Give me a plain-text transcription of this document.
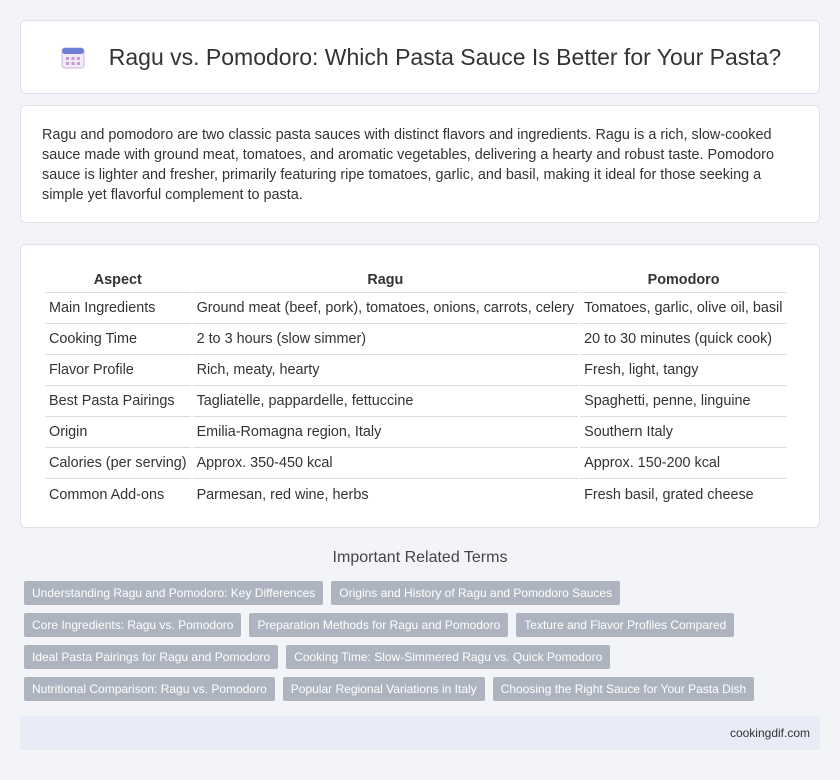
Ragu vs. Pomodoro: Which Pasta Sauce Is Better for Your Pasta?

Ragu and pomodoro are two classic pasta sauces with distinct flavors and ingredients. Ragu is a rich, slow-cooked sauce made with ground meat, tomatoes, and aromatic vegetables, delivering a hearty and robust taste. Pomodoro sauce is lighter and fresher, primarily featuring ripe tomatoes, garlic, and basil, making it ideal for those seeking a simple yet flavorful complement to pasta.

Aspect	Ragu	Pomodoro
Main Ingredients	Ground meat (beef, pork), tomatoes, onions, carrots, celery	Tomatoes, garlic, olive oil, basil
Cooking Time	2 to 3 hours (slow simmer)	20 to 30 minutes (quick cook)
Flavor Profile	Rich, meaty, hearty	Fresh, light, tangy
Best Pasta Pairings	Tagliatelle, pappardelle, fettuccine	Spaghetti, penne, linguine
Origin	Emilia-Romagna region, Italy	Southern Italy
Calories (per serving)	Approx. 350-450 kcal	Approx. 150-200 kcal
Common Add-ons	Parmesan, red wine, herbs	Fresh basil, grated cheese
Important Related Terms
Understanding Ragu and Pomodoro: Key Differences	Origins and History of Ragu and Pomodoro Sauces
Core Ingredients: Ragu vs. Pomodoro	Preparation Methods for Ragu and Pomodoro	Texture and Flavor Profiles Compared
Ideal Pasta Pairings for Ragu and Pomodoro	Cooking Time: Slow-Simmered Ragu vs. Quick Pomodoro
Nutritional Comparison: Ragu vs. Pomodoro	Popular Regional Variations in Italy	Choosing the Right Sauce for Your Pasta Dish
cookingdif.com
